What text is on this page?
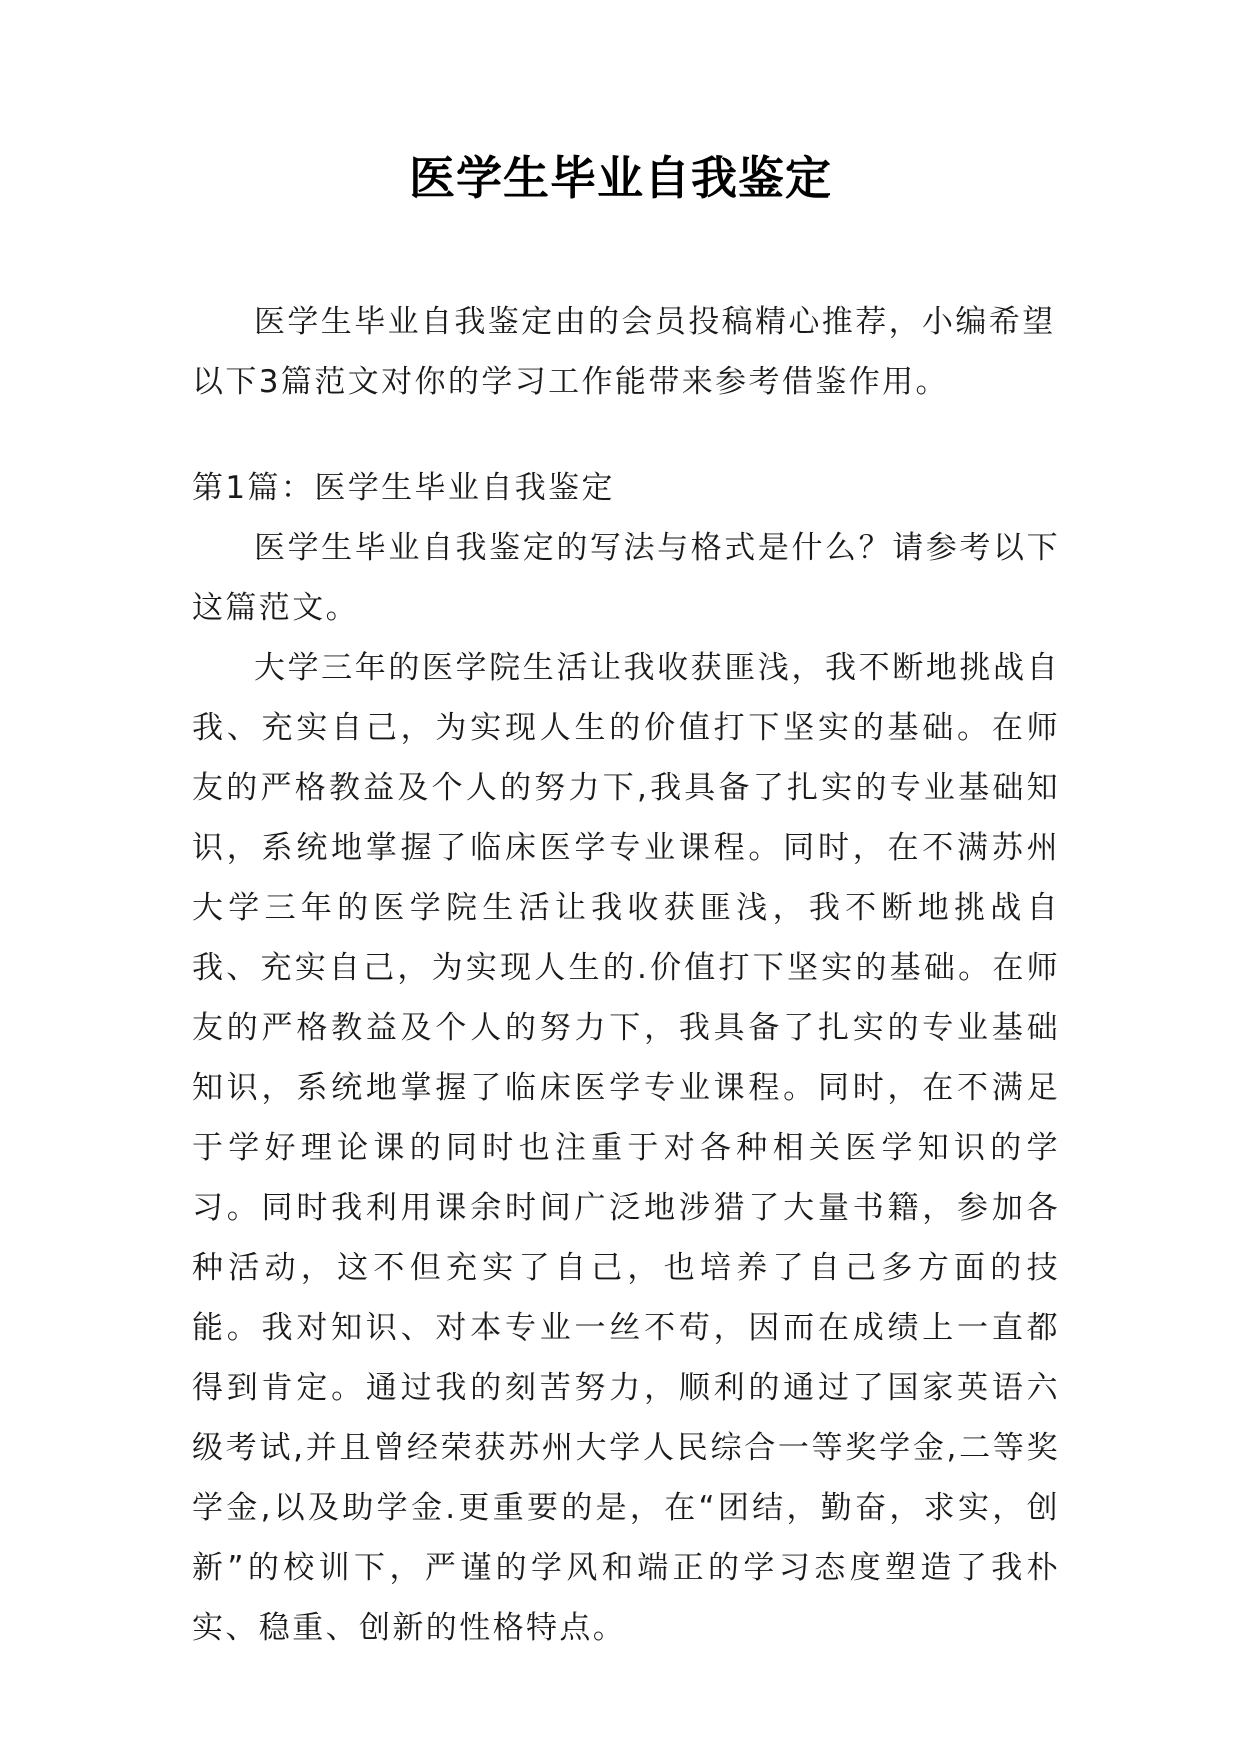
医学生毕业自我鉴定

医学生毕业自我鉴定由的会员投稿精心推荐，小编希望以下3篇范文对你的学习工作能带来参考借鉴作用。

第1篇：医学生毕业自我鉴定

医学生毕业自我鉴定的写法与格式是什么？请参考以下这篇范文。

大学三年的医学院生活让我收获匪浅，我不断地挑战自我、充实自己，为实现人生的价值打下坚实的基础。在师友的严格教益及个人的努力下,我具备了扎实的专业基础知识，系统地掌握了临床医学专业课程。同时，在不满苏州大学三年的医学院生活让我收获匪浅，我不断地挑战自我、充实自己，为实现人生的.价值打下坚实的基础。在师友的严格教益及个人的努力下，我具备了扎实的专业基础知识，系统地掌握了临床医学专业课程。同时，在不满足于学好理论课的同时也注重于对各种相关医学知识的学习。同时我利用课余时间广泛地涉猎了大量书籍，参加各种活动，这不但充实了自己，也培养了自己多方面的技能。我对知识、对本专业一丝不苟，因而在成绩上一直都得到肯定。通过我的刻苦努力，顺利的通过了国家英语六级考试,并且曾经荣获苏州大学人民综合一等奖学金,二等奖学金,以及助学金.更重要的是，在“团结，勤奋，求实，创新”的校训下，严谨的学风和端正的学习态度塑造了我朴实、稳重、创新的性格特点。
